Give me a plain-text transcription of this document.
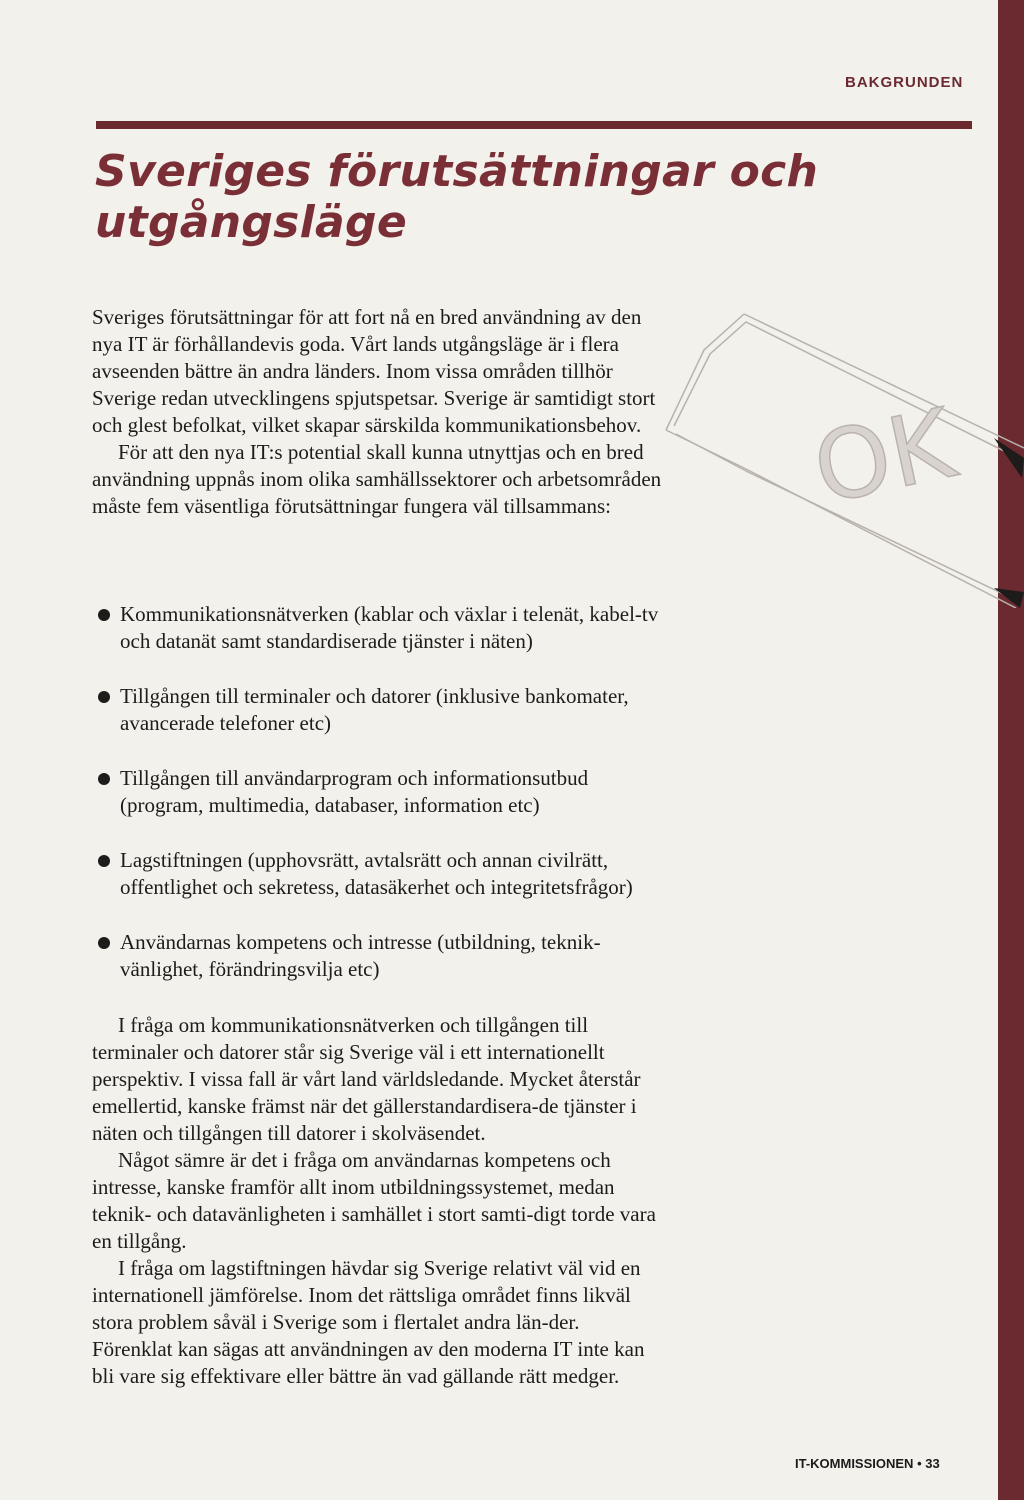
BAKGRUNDEN
Sveriges förutsättningar och utgångsläge

Sveriges förutsättningar för att fort nå en bred användning av den nya IT är förhållandevis goda. Vårt lands utgångsläge är i flera avseenden bättre än andra länders. Inom vissa områden tillhör Sverige redan utvecklingens spjutspetsar. Sverige är samtidigt stort och glest befolkat, vilket skapar särskilda kommunikationsbehov.

För att den nya IT:s potential skall kunna utnyttjas och en bred användning uppnås inom olika samhällssektorer och arbetsområden måste fem väsentliga förutsättningar fungera väl tillsammans:

Kommunikationsnätverken (kablar och växlar i telenät, kabel-tv och datanät samt standardiserade tjänster i näten)
Tillgången till terminaler och datorer (inklusive bankomater, avancerade telefoner etc)
Tillgången till användarprogram och informationsutbud (program, multimedia, databaser, information etc)
Lagstiftningen (upphovsrätt, avtalsrätt och annan civilrätt, offentlighet och sekretess, datasäkerhet och integritetsfrågor)
Användarnas kompetens och intresse (utbildning, teknik-vänlighet, förändringsvilja etc)

I fråga om kommunikationsnätverken och tillgången till terminaler och datorer står sig Sverige väl i ett internationellt perspektiv. I vissa fall är vårt land världsledande. Mycket återstår emellertid, kanske främst när det gällerstandardisera-de tjänster i näten och tillgången till datorer i skolväsendet.

Något sämre är det i fråga om användarnas kompetens och intresse, kanske framför allt inom utbildningssystemet, medan teknik- och datavänligheten i samhället i stort samti-digt torde vara en tillgång.

I fråga om lagstiftningen hävdar sig Sverige relativt väl vid en internationell jämförelse. Inom det rättsliga området finns likväl stora problem såväl i Sverige som i flertalet andra län-der. Förenklat kan sägas att användningen av den moderna IT inte kan bli vare sig effektivare eller bättre än vad gällande rätt medger.

OK
IT-KOMMISSIONEN • 33
